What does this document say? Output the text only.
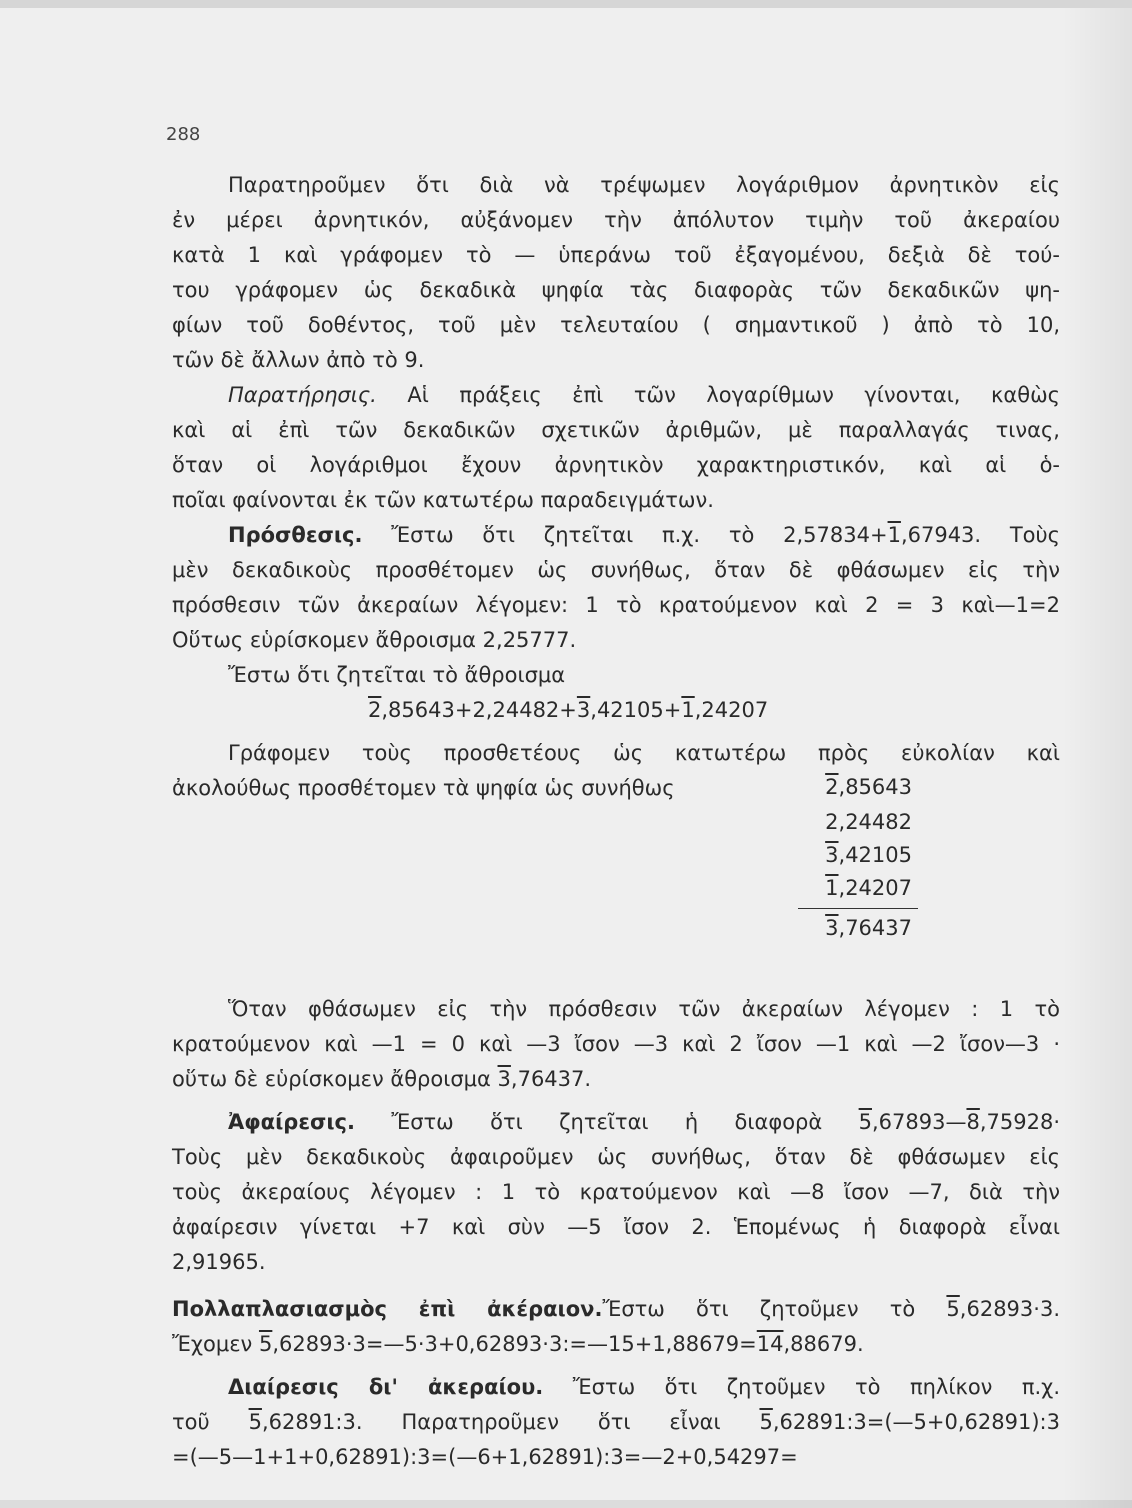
288
Παρατηροῦμεν ὅτι διὰ νὰ τρέψωμεν λογάριθμον ἀρνητικὸν εἰς
ἐν μέρει ἀρνητικόν, αὐξάνομεν τὴν ἀπόλυτον τιμὴν τοῦ ἀκεραίου
κατὰ 1 καὶ γράφομεν τὸ — ὑπεράνω τοῦ ἐξαγομένου, δεξιὰ δὲ τού-
του γράφομεν ὡς δεκαδικὰ ψηφία τὰς διαφορὰς τῶν δεκαδικῶν ψη-
φίων τοῦ δοθέντος, τοῦ μὲν τελευταίου ( σημαντικοῦ ) ἀπὸ τὸ 10,
τῶν δὲ ἄλλων ἀπὸ τὸ 9.
Παρατήρησις. Αἱ πράξεις ἐπὶ τῶν λογαρίθμων γίνονται, καθὼς
καὶ αἱ ἐπὶ τῶν δεκαδικῶν σχετικῶν ἀριθμῶν, μὲ παραλλαγάς τινας,
ὅταν οἱ λογάριθμοι ἔχουν ἀρνητικὸν χαρακτηριστικόν, καὶ αἱ ὁ-
ποῖαι φαίνονται ἐκ τῶν κατωτέρω παραδειγμάτων.
Πρόσθεσις. Ἔστω ὅτι ζητεῖται π.χ. τὸ 2,57834+1,67943. Τοὺς
μὲν δεκαδικοὺς προσθέτομεν ὡς συνήθως, ὅταν δὲ φθάσωμεν εἰς τὴν
πρόσθεσιν τῶν ἀκεραίων λέγομεν: 1 τὸ κρατούμενον καὶ 2 = 3 καὶ—1=2
Οὕτως εὑρίσκομεν ἄθροισμα 2,25777.
Ἔστω ὅτι ζητεῖται τὸ ἄθροισμα
2,85643+2,24482+3,42105+1,24207
Γράφομεν τοὺς προσθετέους ὡς κατωτέρω πρὸς εὐκολίαν καὶ
ἀκολούθως προσθέτομεν τὰ ψηφία ὡς συνήθως	2,85643
2,24482
3,42105
1,24207
3,76437
Ὅταν φθάσωμεν εἰς τὴν πρόσθεσιν τῶν ἀκεραίων λέγομεν : 1 τὸ
κρατούμενον καὶ —1 = 0 καὶ —3 ἴσον —3 καὶ 2 ἴσον —1 καὶ —2 ἴσον—3 ·
οὕτω δὲ εὑρίσκομεν ἄθροισμα 3,76437.
Ἀφαίρεσις. Ἔστω ὅτι ζητεῖται ἡ διαφορὰ 5,67893—8,75928·
Τοὺς μὲν δεκαδικοὺς ἀφαιροῦμεν ὡς συνήθως, ὅταν δὲ φθάσωμεν εἰς
τοὺς ἀκεραίους λέγομεν : 1 τὸ κρατούμενον καὶ —8 ἴσον —7, διὰ τὴν
ἀφαίρεσιν γίνεται +7 καὶ σὺν —5 ἴσον 2. Ἑπομένως ἡ διαφορὰ εἶναι
2,91965.
Πολλαπλασιασμὸς ἐπὶ ἀκέραιον.Ἔστω ὅτι ζητοῦμεν τὸ 5,62893·3.
Ἔχομεν 5,62893·3=—5·3+0,62893·3:=—15+1,88679=14,88679.
Διαίρεσις δι' ἀκεραίου. Ἔστω ὅτι ζητοῦμεν τὸ πηλίκον π.χ.
τοῦ 5,62891:3. Παρατηροῦμεν ὅτι εἶναι 5,62891:3=(—5+0,62891):3
=(—5—1+1+0,62891):3=(—6+1,62891):3=—2+0,54297=
